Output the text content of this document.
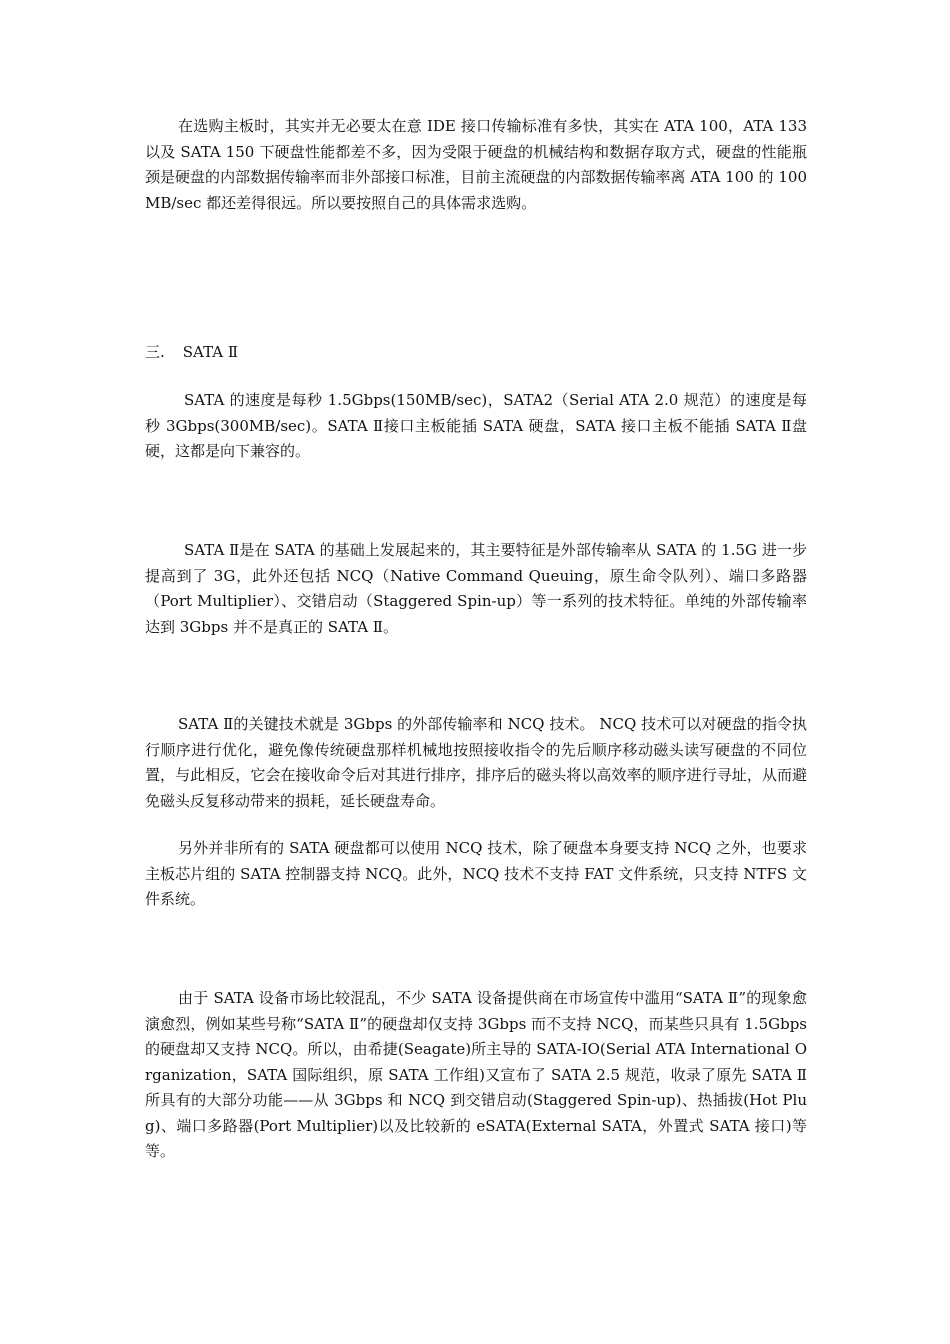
在选购主板时，其实并无必要太在意 IDE 接口传输标准有多快，其实在 ATA 100，ATA 133 以及 SATA 150 下硬盘性能都差不多，因为受限于硬盘的机械结构和数据存取方式，硬盘的性能瓶颈是硬盘的内部数据传输率而非外部接口标准，目前主流硬盘的内部数据传输率离 ATA 100 的 100MB/sec 都还差得很远。所以要按照自己的具体需求选购。

三. SATA Ⅱ

SATA 的速度是每秒 1.5Gbps(150MB/sec)，SATA2（Serial ATA 2.0 规范）的速度是每秒 3Gbps(300MB/sec)。SATA Ⅱ接口主板能插 SATA 硬盘，SATA 接口主板不能插 SATA Ⅱ盘硬，这都是向下兼容的。

SATA Ⅱ是在 SATA 的基础上发展起来的，其主要特征是外部传输率从 SATA 的 1.5G 进一步提高到了 3G，此外还包括 NCQ（Native Command Queuing，原生命令队列）、端口多路器（Port Multiplier）、交错启动（Staggered Spin-up）等一系列的技术特征。单纯的外部传输率达到 3Gbps 并不是真正的 SATA Ⅱ。

SATA Ⅱ的关键技术就是 3Gbps 的外部传输率和 NCQ 技术。 NCQ 技术可以对硬盘的指令执行顺序进行优化，避免像传统硬盘那样机械地按照接收指令的先后顺序移动磁头读写硬盘的不同位置，与此相反，它会在接收命令后对其进行排序，排序后的磁头将以高效率的顺序进行寻址，从而避免磁头反复移动带来的损耗，延长硬盘寿命。

另外并非所有的 SATA 硬盘都可以使用 NCQ 技术，除了硬盘本身要支持 NCQ 之外，也要求主板芯片组的 SATA 控制器支持 NCQ。此外，NCQ 技术不支持 FAT 文件系统，只支持 NTFS 文件系统。

由于 SATA 设备市场比较混乱，不少 SATA 设备提供商在市场宣传中滥用“SATA Ⅱ”的现象愈演愈烈，例如某些号称“SATA Ⅱ”的硬盘却仅支持 3Gbps 而不支持 NCQ，而某些只具有 1.5Gbps 的硬盘却又支持 NCQ。所以，由希捷(Seagate)所主导的 SATA-IO(Serial ATA International Organization，SATA 国际组织，原 SATA 工作组)又宣布了 SATA 2.5 规范，收录了原先 SATA Ⅱ所具有的大部分功能——从 3Gbps 和 NCQ 到交错启动(Staggered Spin-up)、热插拔(Hot Plug)、端口多路器(Port Multiplier)以及比较新的 eSATA(External SATA，外置式 SATA 接口)等等。
